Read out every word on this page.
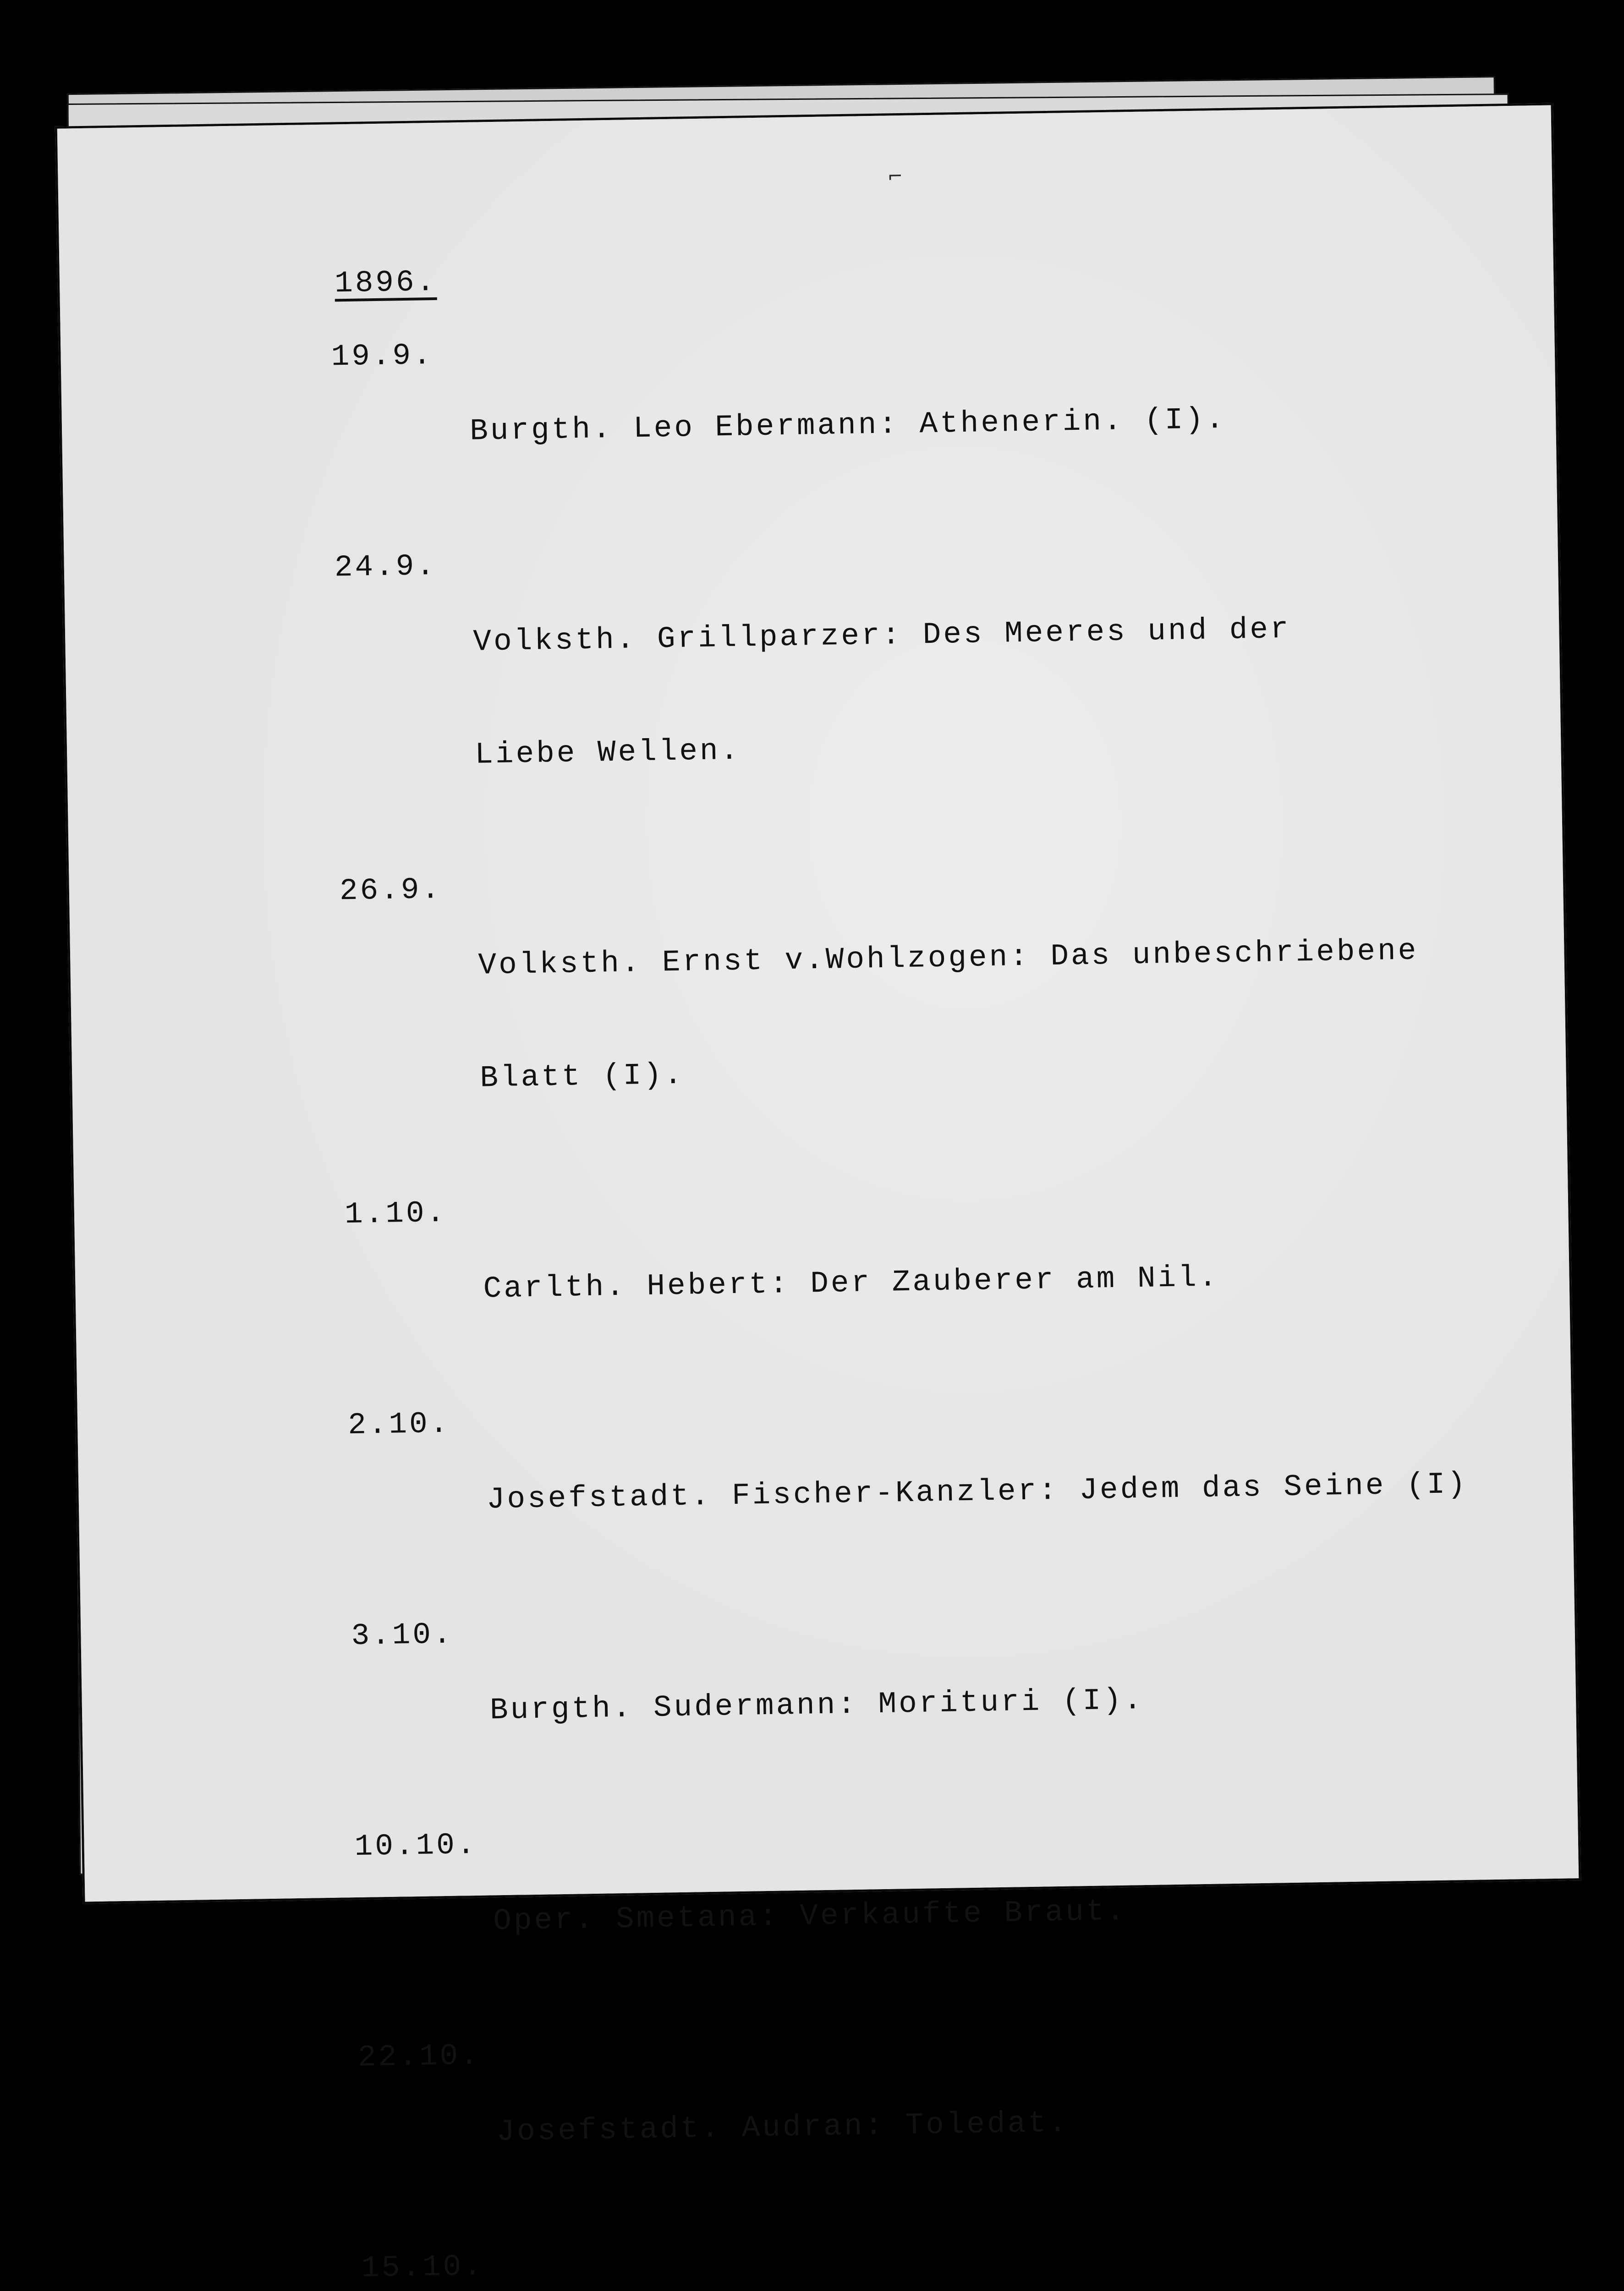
⌐
1896.
19.9.

Burgth. Leo Ebermann: Athenerin. (I).

24.9.

Volksth. Grillparzer: Des Meeres und der

Liebe Wellen.

26.9.

Volksth. Ernst v.Wohlzogen: Das unbeschriebene

Blatt (I).

1.10.

Carlth. Hebert: Der Zauberer am Nil.

2.10.

Josefstadt. Fischer-Kanzler: Jedem das Seine (I)

3.10.

Burgth. Sudermann: Morituri (I).

10.10.

Oper. Smetana: Verkaufte Braut.

22.10.

Josefstadt. Audran: Toledat.

15.10.
